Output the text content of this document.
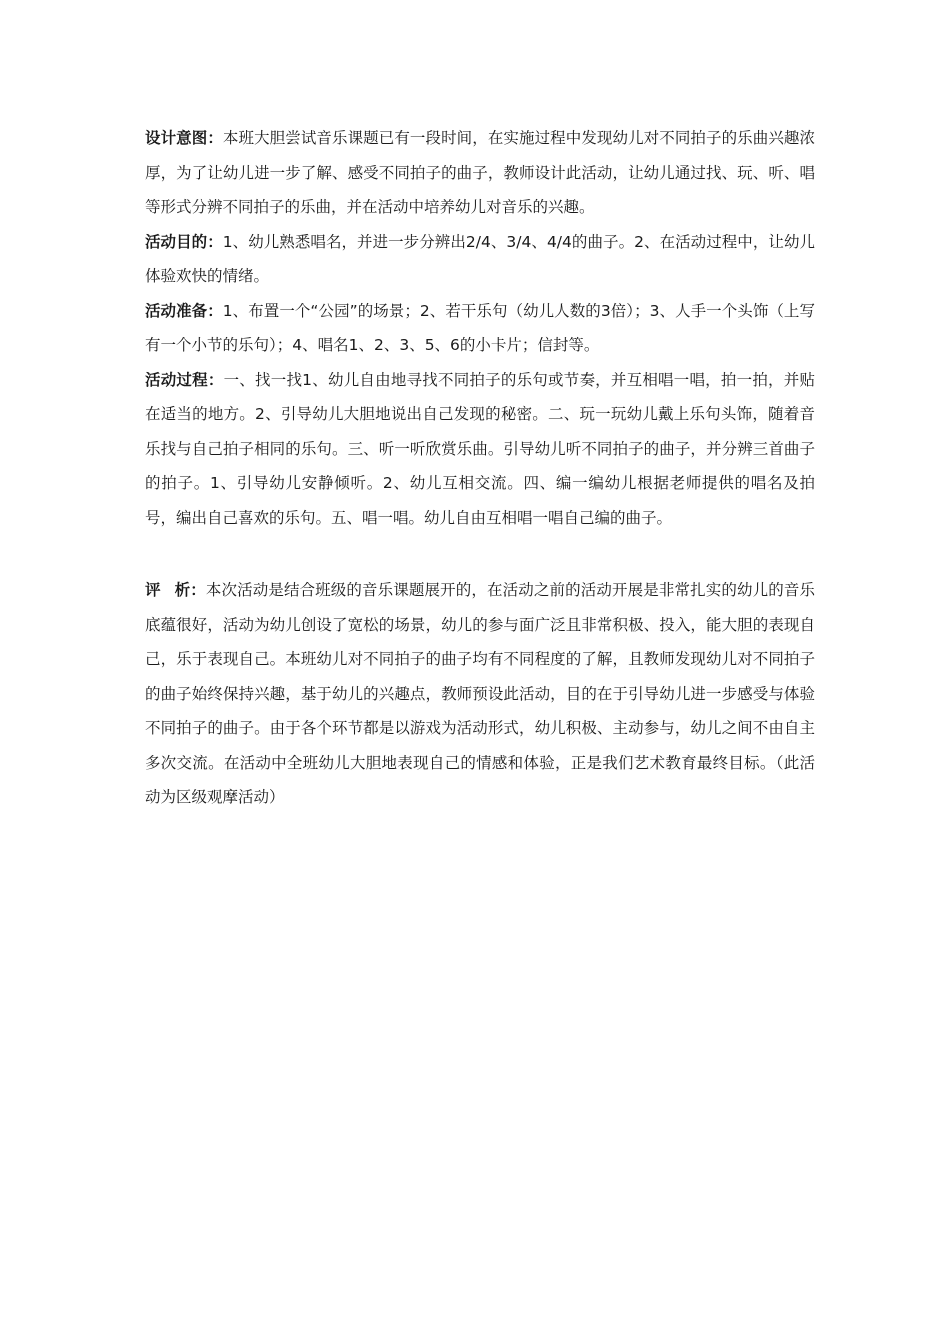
设计意图：本班大胆尝试音乐课题已有一段时间，在实施过程中发现幼儿对不同拍子的乐曲兴趣浓厚，为了让幼儿进一步了解、感受不同拍子的曲子，教师设计此活动，让幼儿通过找、玩、听、唱等形式分辨不同拍子的乐曲，并在活动中培养幼儿对音乐的兴趣。

活动目的：1、幼儿熟悉唱名，并进一步分辨出2/4、3/4、4/4的曲子。2、在活动过程中，让幼儿体验欢快的情绪。

活动准备：1、布置一个“公园”的场景；2、若干乐句（幼儿人数的3倍）；3、人手一个头饰（上写有一个小节的乐句）；4、唱名1、2、3、5、6的小卡片；信封等。

活动过程：一、找一找1、幼儿自由地寻找不同拍子的乐句或节奏，并互相唱一唱，拍一拍，并贴在适当的地方。2、引导幼儿大胆地说出自己发现的秘密。二、玩一玩幼儿戴上乐句头饰，随着音乐找与自己拍子相同的乐句。三、听一听欣赏乐曲。引导幼儿听不同拍子的曲子，并分辨三首曲子的拍子。1、引导幼儿安静倾听。2、幼儿互相交流。四、编一编幼儿根据老师提供的唱名及拍号，编出自己喜欢的乐句。五、唱一唱。幼儿自由互相唱一唱自己编的曲子。

评析：本次活动是结合班级的音乐课题展开的，在活动之前的活动开展是非常扎实的幼儿的音乐底蕴很好，活动为幼儿创设了宽松的场景，幼儿的参与面广泛且非常积极、投入，能大胆的表现自己，乐于表现自己。本班幼儿对不同拍子的曲子均有不同程度的了解，且教师发现幼儿对不同拍子的曲子始终保持兴趣，基于幼儿的兴趣点，教师预设此活动，目的在于引导幼儿进一步感受与体验不同拍子的曲子。由于各个环节都是以游戏为活动形式，幼儿积极、主动参与，幼儿之间不由自主多次交流。在活动中全班幼儿大胆地表现自己的情感和体验，正是我们艺术教育最终目标。（此活动为区级观摩活动）
